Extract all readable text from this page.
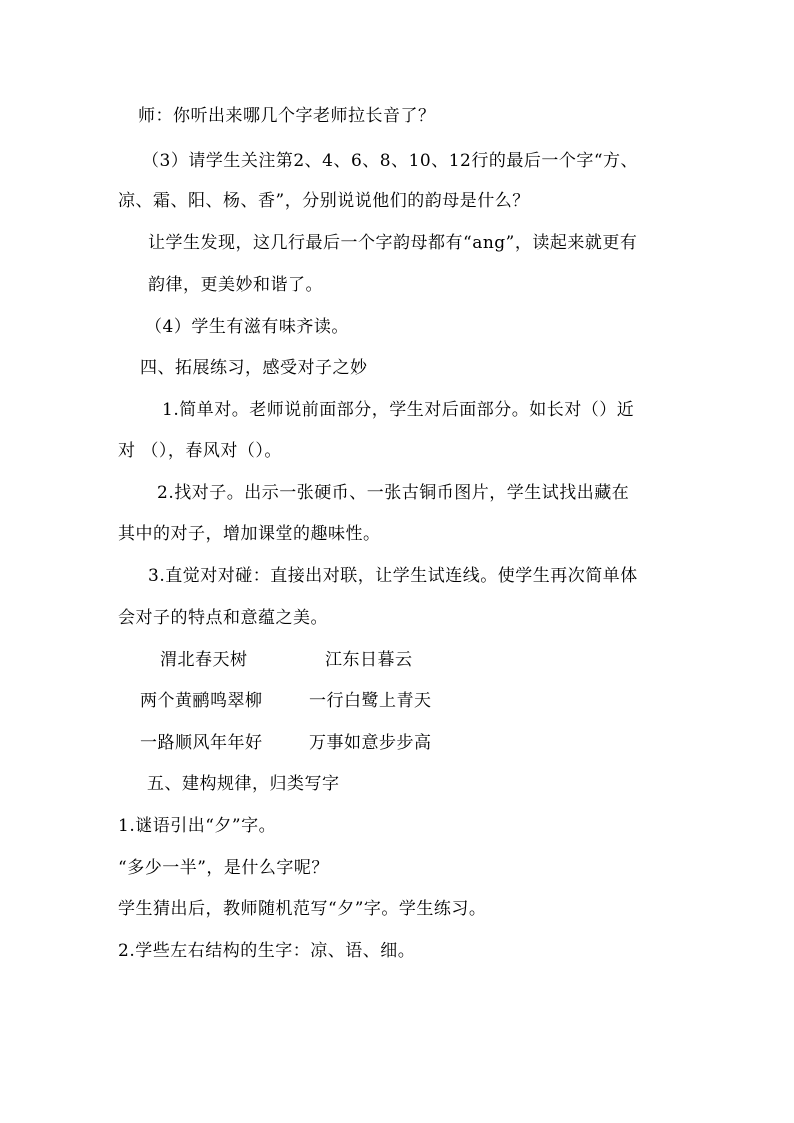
师：你听出来哪几个字老师拉长音了？
（3）请学生关注第2、4、6、8、10、12行的最后一个字“方、
凉、霜、阳、杨、香”，分别说说他们的韵母是什么？
让学生发现，这几行最后一个字韵母都有“ang”，读起来就更有
韵律，更美妙和谐了。
（4）学生有滋有味齐读。
四、拓展练习，感受对子之妙
1.简单对。老师说前面部分，学生对后面部分。如长对（）近
对 （），春风对（）。
2.找对子。出示一张硬币、一张古铜币图片，学生试找出藏在
其中的对子，增加课堂的趣味性。
3.直觉对对碰：直接出对联，让学生试连线。使学生再次简单体
会对子的特点和意蕴之美。
渭北春天树	江东日暮云
两个黄鹂鸣翠柳	一行白鹭上青天
一路顺风年年好	万事如意步步高
五、建构规律，归类写字
1.谜语引出“夕”字。
“多少一半”，是什么字呢？
学生猜出后，教师随机范写“夕”字。学生练习。
2.学些左右结构的生字：凉、语、细。
